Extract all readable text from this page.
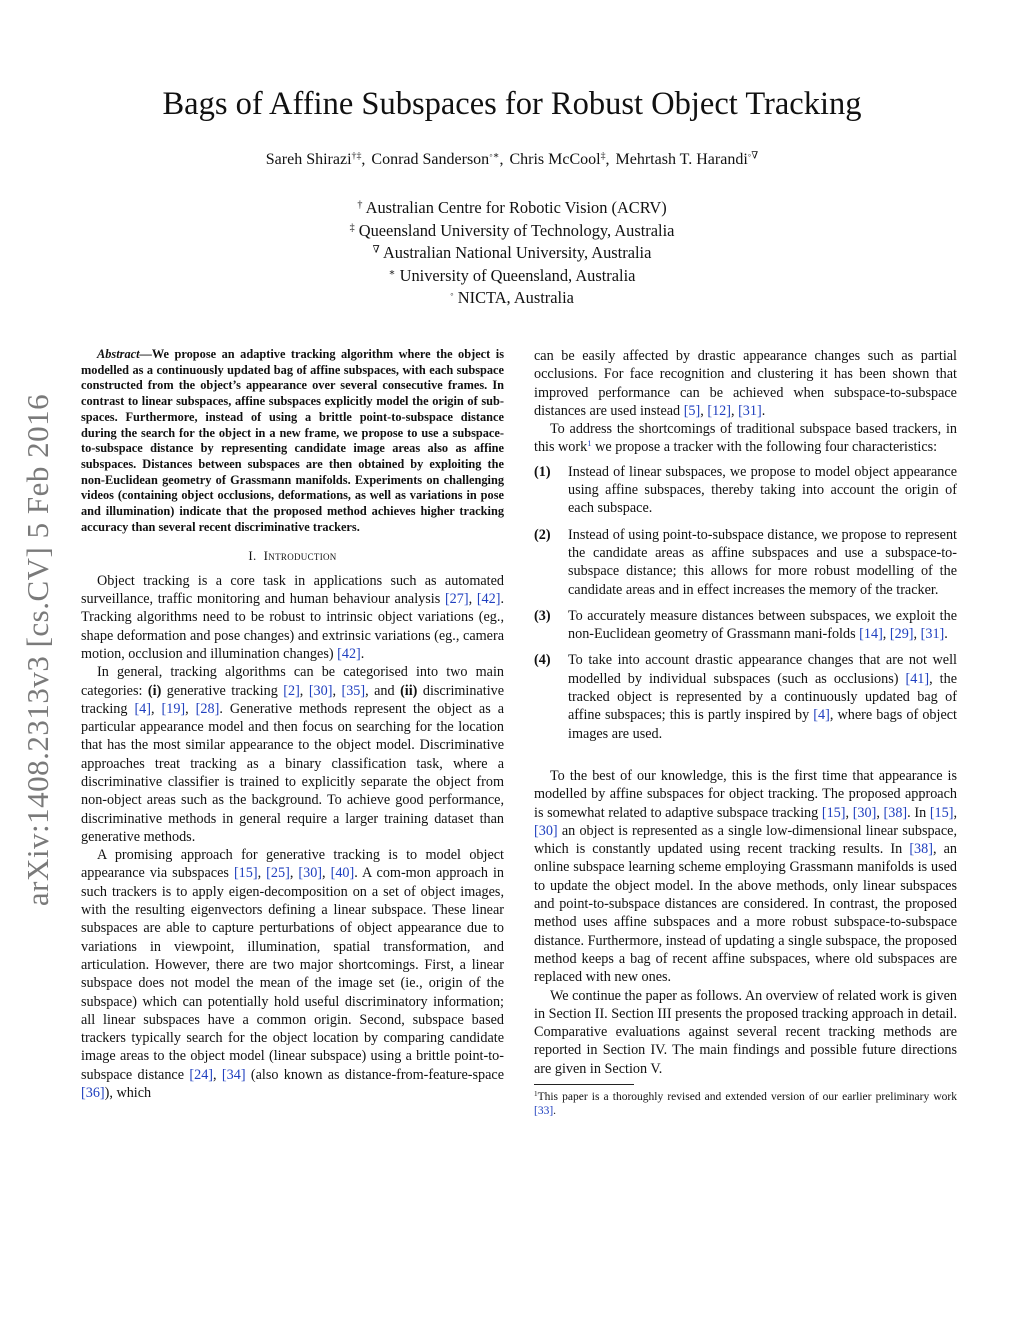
arXiv:1408.2313v3 [cs.CV] 5 Feb 2016
Bags of Affine Subspaces for Robust Object Tracking
Sareh Shirazi†‡, Conrad Sanderson◦∗, Chris McCool‡, Mehrtash T. Harandi◦∇
† Australian Centre for Robotic Vision (ACRV)
‡ Queensland University of Technology, Australia
∇ Australian National University, Australia
∗ University of Queensland, Australia
◦ NICTA, Australia

Abstract—We propose an adaptive tracking algorithm where the object is modelled as a continuously updated bag of affine subspaces, with each subspace constructed from the object’s appearance over several consecutive frames. In contrast to linear subspaces, affine subspaces explicitly model the origin of sub-spaces. Furthermore, instead of using a brittle point-to-subspace distance during the search for the object in a new frame, we propose to use a subspace-to-subspace distance by representing candidate image areas also as affine subspaces. Distances between subspaces are then obtained by exploiting the non-Euclidean geometry of Grassmann manifolds. Experiments on challenging videos (containing object occlusions, deformations, as well as variations in pose and illumination) indicate that the proposed method achieves higher tracking accuracy than several recent discriminative trackers.

I. Introduction

Object tracking is a core task in applications such as automated surveillance, traffic monitoring and human behaviour analysis [27], [42]. Tracking algorithms need to be robust to intrinsic object variations (eg., shape deformation and pose changes) and extrinsic variations (eg., camera motion, occlusion and illumination changes) [42].

In general, tracking algorithms can be categorised into two main categories: (i) generative tracking [2], [30], [35], and (ii) discriminative tracking [4], [19], [28]. Generative methods represent the object as a particular appearance model and then focus on searching for the location that has the most similar appearance to the object model. Discriminative approaches treat tracking as a binary classification task, where a discriminative classifier is trained to explicitly separate the object from non-object areas such as the background. To achieve good performance, discriminative methods in general require a larger training dataset than generative methods.

A promising approach for generative tracking is to model object appearance via subspaces [15], [25], [30], [40]. A com-mon approach in such trackers is to apply eigen-decomposition on a set of object images, with the resulting eigenvectors defining a linear subspace. These linear subspaces are able to capture perturbations of object appearance due to variations in viewpoint, illumination, spatial transformation, and articulation. However, there are two major shortcomings. First, a linear subspace does not model the mean of the image set (ie., origin of the subspace) which can potentially hold useful discriminatory information; all linear subspaces have a common origin. Second, subspace based trackers typically search for the object location by comparing candidate image areas to the object model (linear subspace) using a brittle point-to-subspace distance [24], [34] (also known as distance-from-feature-space [36]), which

can be easily affected by drastic appearance changes such as partial occlusions. For face recognition and clustering it has been shown that improved performance can be achieved when subspace-to-subspace distances are used instead [5], [12], [31].

To address the shortcomings of traditional subspace based trackers, in this work$^1$ we propose a tracker with the following four characteristics:

(1) Instead of linear subspaces, we propose to model object appearance using affine subspaces, thereby taking into account the origin of each subspace.
(2) Instead of using point-to-subspace distance, we propose to represent the candidate areas as affine subspaces and use a subspace-to-subspace distance; this allows for more robust modelling of the candidate areas and in effect increases the memory of the tracker.
(3) To accurately measure distances between subspaces, we exploit the non-Euclidean geometry of Grassmann mani-folds [14], [29], [31].
(4) To take into account drastic appearance changes that are not well modelled by individual subspaces (such as occlusions) [41], the tracked object is represented by a continuously updated bag of affine subspaces; this is partly inspired by [4], where bags of object images are used.

To the best of our knowledge, this is the first time that appearance is modelled by affine subspaces for object tracking. The proposed approach is somewhat related to adaptive subspace tracking [15], [30], [38]. In [15], [30] an object is represented as a single low-dimensional linear subspace, which is constantly updated using recent tracking results. In [38], an online subspace learning scheme employing Grassmann manifolds is used to update the object model. In the above methods, only linear subspaces and point-to-subspace distances are considered. In contrast, the proposed method uses affine subspaces and a more robust subspace-to-subspace distance. Furthermore, instead of updating a single subspace, the proposed method keeps a bag of recent affine subspaces, where old subspaces are replaced with new ones.

We continue the paper as follows. An overview of related work is given in Section II. Section III presents the proposed tracking approach in detail. Comparative evaluations against several recent tracking methods are reported in Section IV. The main findings and possible future directions are given in Section V.

$^1$This paper is a thoroughly revised and extended version of our earlier preliminary work [33].
